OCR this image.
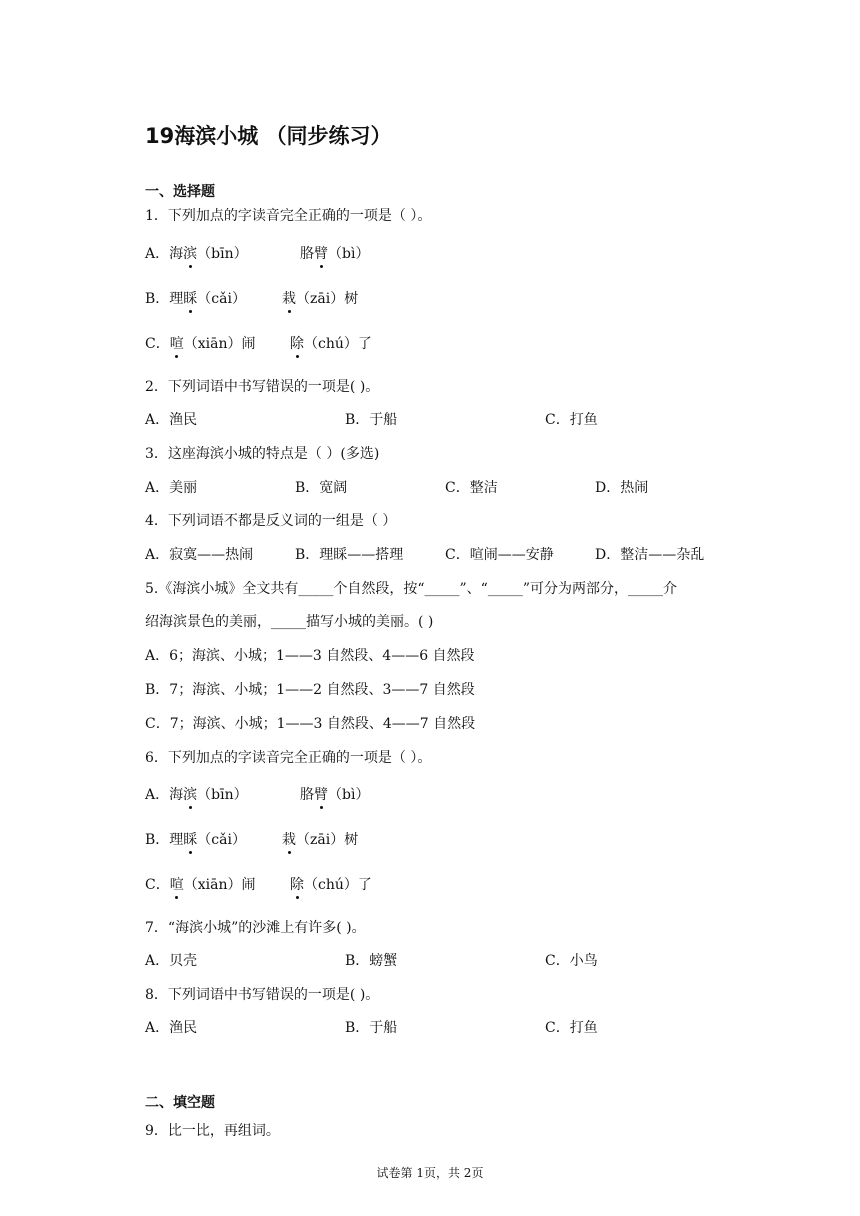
19海滨小城 （同步练习）
一、选择题
1．下列加点的字读音完全正确的一项是（ ）。
A．海滨（bīn）	胳臂（bì）
B．理睬（cǎi）	栽（zāi）树
C．喧（xiān）闹 除（chú）了
2．下列词语中书写错误的一项是( )。
A．渔民	B．于船	C．打鱼
3．这座海滨小城的特点是（ ）(多选)
A．美丽	B．宽阔	C．整洁	D．热闹
4．下列词语不都是反义词的一组是（ ）
A．寂寞——热闹	B．理睬——搭理	C．喧闹——安静	D．整洁——杂乱
5.《海滨小城》全文共有_____个自然段，按“_____”、“_____”可分为两部分，_____介
绍海滨景色的美丽，_____描写小城的美丽。( )
A．6；海滨、小城；1——3 自然段、4——6 自然段
B．7；海滨、小城；1——2 自然段、3——7 自然段
C．7；海滨、小城；1——3 自然段、4——7 自然段
6．下列加点的字读音完全正确的一项是（ ）。
A．海滨（bīn）	胳臂（bì）
B．理睬（cǎi）	栽（zāi）树
C．喧（xiān）闹 除（chú）了
7．“海滨小城”的沙滩上有许多( )。
A．贝壳	B．螃蟹	C．小鸟
8．下列词语中书写错误的一项是( )。
A．渔民	B．于船	C．打鱼
二、填空题
9．比一比，再组词。
试卷第 1页，共 2页
